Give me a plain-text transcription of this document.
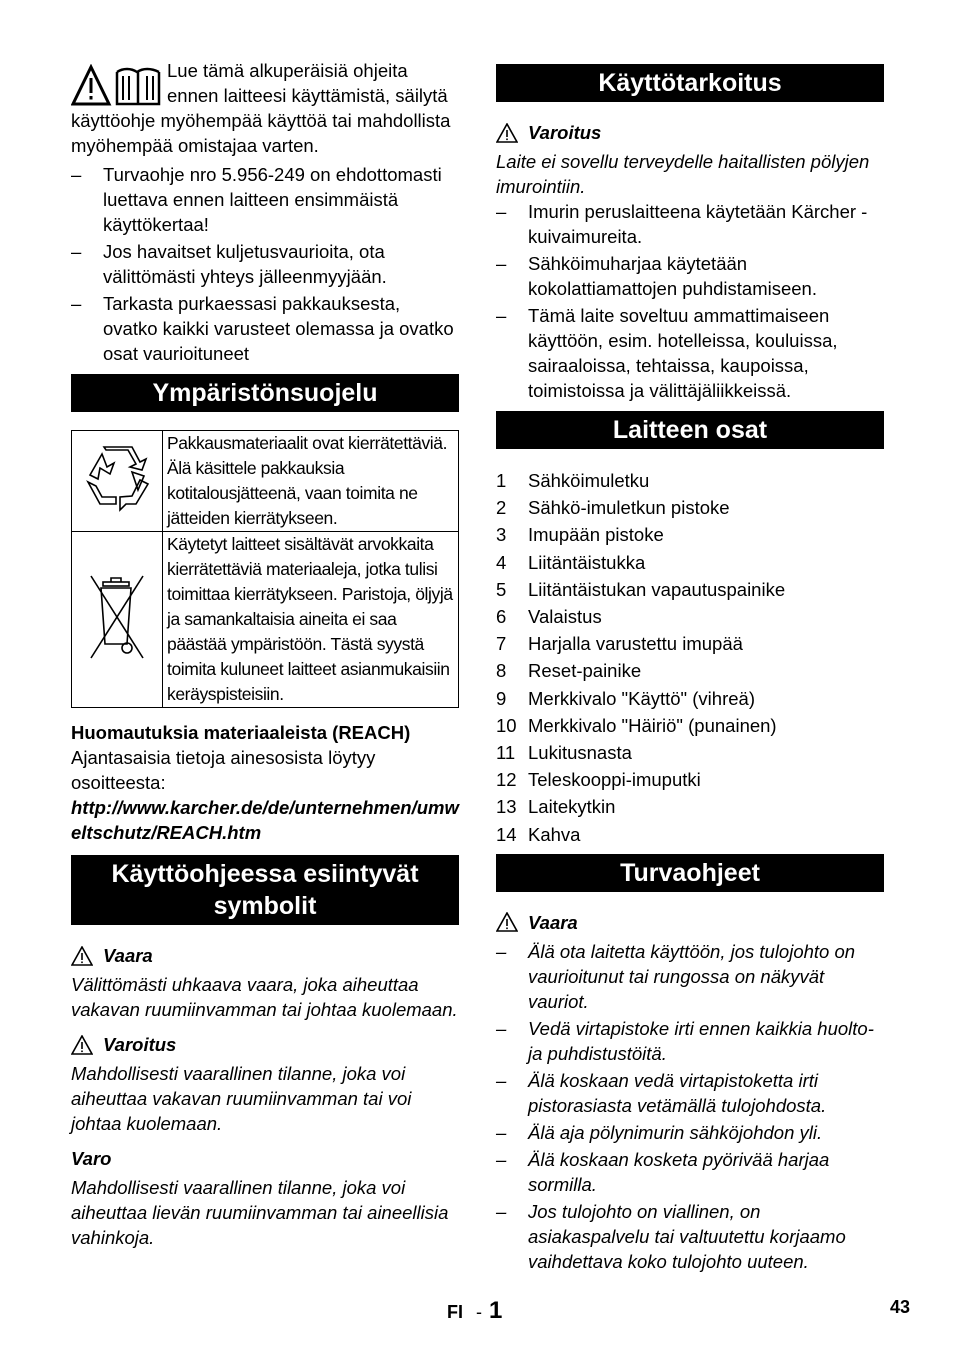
Lue tämä alkuperäisiä ohjeita ennen laitteesi käyttämistä, säilytä käyttöohje myöhempää käyttöä tai mahdollista myöhempää omistajaa varten.

–	Turvaohje nro 5.956-249 on ehdottomasti luettava ennen laitteen ensimmäistä käyttökertaa!
–	Jos havaitset kuljetusvaurioita, ota välittömästi yhteys jälleenmyyjään.
–	Tarkasta purkaessasi pakkauksesta, ovatko kaikki varusteet olemassa ja ovatko osat vaurioituneet
Ympäristönsuojelu
	Pakkausmateriaalit ovat kierrätettäviä. Älä käsittele pakkauksia kotitalousjätteenä, vaan toimita ne jätteiden kierrätykseen.
	Käytetyt laitteet sisältävät arvokkaita kierrätettäviä materiaaleja, jotka tulisi toimittaa kierrätykseen. Paristoja, öljyjä ja samankaltaisia aineita ei saa päästää ympäristöön. Tästä syystä toimita kuluneet laitteet asianmukaisiin keräyspisteisiin.

Huomautuksia materiaaleista (REACH)

Ajantasaisia tietoja ainesosista löytyy osoitteesta:

http://www.karcher.de/de/unternehmen/umweltschutz/REACH.htm

Käyttöohjeessa esiintyvät symbolit
Vaara

Välittömästi uhkaava vaara, joka aiheuttaa vakavan ruumiinvamman tai johtaa kuolemaan.

Varoitus

Mahdollisesti vaarallinen tilanne, joka voi aiheuttaa vakavan ruumiinvamman tai voi johtaa kuolemaan.

Varo

Mahdollisesti vaarallinen tilanne, joka voi aiheuttaa lievän ruumiinvamman tai aineellisia vahinkoja.

Käyttötarkoitus
Varoitus

Laite ei sovellu terveydelle haitallisten pölyjen imurointiin.

–	Imurin peruslaitteena käytetään Kärcher -kuivaimureita.
–	Sähköimuharjaa käytetään kokolattiamattojen puhdistamiseen.
–	Tämä laite soveltuu ammattimaiseen käyttöön, esim. hotelleissa, kouluissa, sairaaloissa, tehtaissa, kaupoissa, toimistoissa ja välittäjäliikkeissä.
Laitteen osat
1 Sähköimuletku
2 Sähkö-imuletkun pistoke
3 Imupään pistoke
4 Liitäntäistukka
5 Liitäntäistukan vapautuspainike
6 Valaistus
7 Harjalla varustettu imupää
8 Reset-painike
9 Merkkivalo "Käyttö" (vihreä)
10 Merkkivalo "Häiriö" (punainen)
11 Lukitusnasta
12 Teleskooppi-imuputki
13 Laitekytkin
14 Kahva
Turvaohjeet
Vaara
–	Älä ota laitetta käyttöön, jos tulojohto on vaurioitunut tai rungossa on näkyvät vauriot.
–	Vedä virtapistoke irti ennen kaikkia huolto- ja puhdistustöitä.
–	Älä koskaan vedä virtapistoketta irti pistorasiasta vetämällä tulojohdosta.
–	Älä aja pölynimurin sähköjohdon yli.
–	Älä koskaan kosketa pyörivää harjaa sormilla.
–	Jos tulojohto on viallinen, on asiakaspalvelu tai valtuutettu korjaamo vaihdettava koko tulojohto uuteen.
FI - 1	43
